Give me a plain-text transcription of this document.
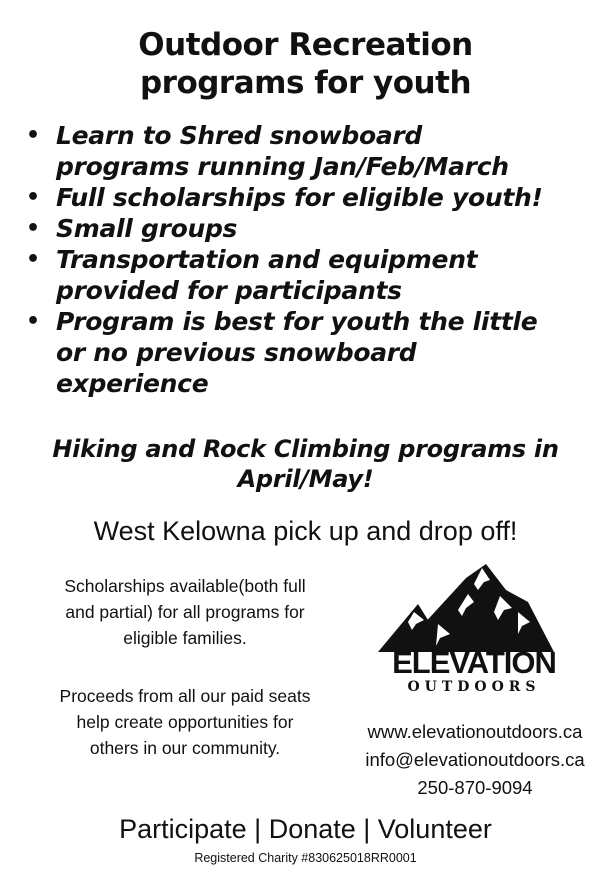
Outdoor Recreation
programs for youth
• Learn to Shred snowboard
programs running Jan/Feb/March
• Full scholarships for eligible youth!
• Small groups
• Transportation and equipment
provided for participants
• Program is best for youth the little
or no previous snowboard
experience
Hiking and Rock Climbing programs in
April/May!
West Kelowna pick up and drop off!
Scholarships available(both full
and partial) for all programs for
eligible families.
Proceeds from all our paid seats
help create opportunities for
others in our community.
ELEVATION
OUTDOORS
www.elevationoutdoors.ca
info@elevationoutdoors.ca
250-870-9094
Participate | Donate | Volunteer
Registered Charity #830625018RR0001
